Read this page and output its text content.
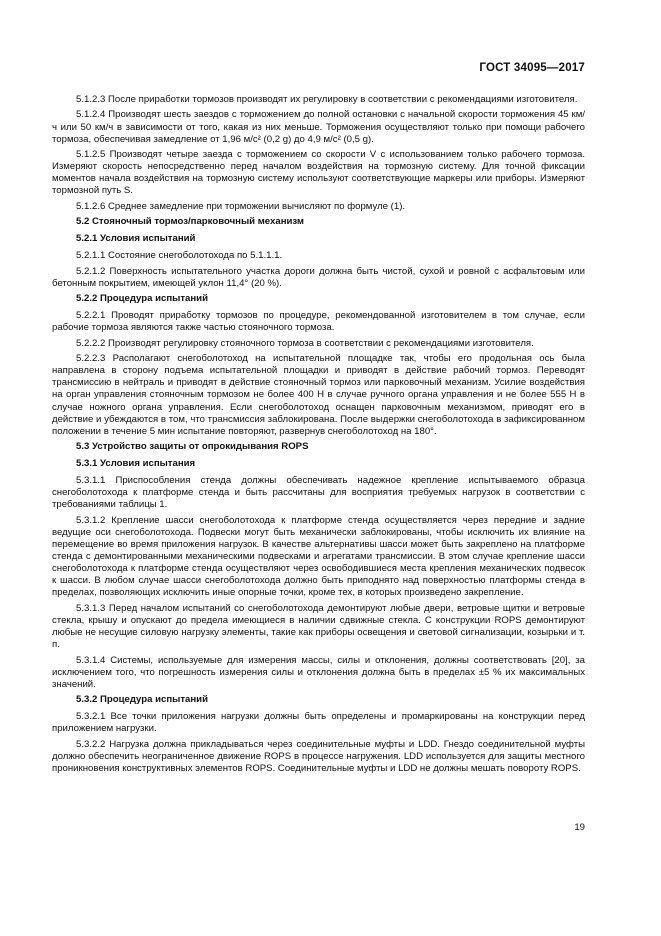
ГОСТ 34095—2017
5.1.2.3 После приработки тормозов производят их регулировку в соответствии с рекомендациями изготовителя.
5.1.2.4 Производят шесть заездов с торможением до полной остановки с начальной скорости торможения 45 км/ч или 50 км/ч в зависимости от того, какая из них меньше. Торможения осуществляют только при помощи рабочего тормоза, обеспечивая замедление от 1,96 м/с² (0,2 g) до 4,9 м/с² (0,5 g).
5.1.2.5 Производят четыре заезда с торможением со скорости V с использованием только рабочего тормоза. Измеряют скорость непосредственно перед началом воздействия на тормозную систему. Для точной фиксации моментов начала воздействия на тормозную систему используют соответствующие маркеры или приборы. Измеряют тормозной путь S.
5.1.2.6 Среднее замедление при торможении вычисляют по формуле (1).
5.2 Стояночный тормоз/парковочный механизм
5.2.1 Условия испытаний
5.2.1.1 Состояние снегоболотохода по 5.1.1.1.
5.2.1.2 Поверхность испытательного участка дороги должна быть чистой, сухой и ровной с асфальтовым или бетонным покрытием, имеющей уклон 11,4° (20 %).
5.2.2 Процедура испытаний
5.2.2.1 Проводят приработку тормозов по процедуре, рекомендованной изготовителем в том случае, если рабочие тормоза являются также частью стояночного тормоза.
5.2.2.2 Производят регулировку стояночного тормоза в соответствии с рекомендациями изготовителя.
5.2.2.3 Располагают снегоболотоход на испытательной площадке так, чтобы его продольная ось была направлена в сторону подъема испытательной площадки и приводят в действие рабочий тормоз. Переводят трансмиссию в нейтраль и приводят в действие стояночный тормоз или парковочный механизм. Усилие воздействия на орган управления стояночным тормозом не более 400 Н в случае ручного органа управления и не более 555 Н в случае ножного органа управления. Если снегоболотоход оснащен парковочным механизмом, приводят его в действие и убеждаются в том, что трансмиссия заблокирована. После выдержки снегоболотохода в зафиксированном положении в течение 5 мин испытание повторяют, развернув снегоболотоход на 180°.
5.3 Устройство защиты от опрокидывания ROPS
5.3.1 Условия испытания
5.3.1.1 Приспособления стенда должны обеспечивать надежное крепление испытываемого образца снегоболотохода к платформе стенда и быть рассчитаны для восприятия требуемых нагрузок в соответствии с требованиями таблицы 1.
5.3.1.2 Крепление шасси снегоболотохода к платформе стенда осуществляется через передние и задние ведущие оси снегоболотохода. Подвески могут быть механически заблокированы, чтобы исключить их влияние на перемещение во время приложения нагрузок. В качестве альтернативы шасси может быть закреплено на платформе стенда с демонтированными механическими подвесками и агрегатами трансмиссии. В этом случае крепление шасси снегоболотохода к платформе стенда осуществляют через освободившиеся места крепления механических подвесок к шасси. В любом случае шасси снегоболотохода должно быть приподнято над поверхностью платформы стенда в пределах, позволяющих исключить иные опорные точки, кроме тех, в которых произведено закрепление.
5.3.1.3 Перед началом испытаний со снегоболотохода демонтируют любые двери, ветровые щитки и ветровые стекла, крышу и опускают до предела имеющиеся в наличии сдвижные стекла. С конструкции ROPS демонтируют любые не несущие силовую нагрузку элементы, такие как приборы освещения и световой сигнализации, козырьки и т. п.
5.3.1.4 Системы, используемые для измерения массы, силы и отклонения, должны соответствовать [20], за исключением того, что погрешность измерения силы и отклонения должна быть в пределах ±5 % их максимальных значений.
5.3.2 Процедура испытаний
5.3.2.1 Все точки приложения нагрузки должны быть определены и промаркированы на конструкции перед приложением нагрузки.
5.3.2.2 Нагрузка должна прикладываться через соединительные муфты и LDD. Гнездо соединительной муфты должно обеспечить неограниченное движение ROPS в процессе нагружения. LDD используется для защиты местного проникновения конструктивных элементов ROPS. Соединительные муфты и LDD не должны мешать повороту ROPS.
19
